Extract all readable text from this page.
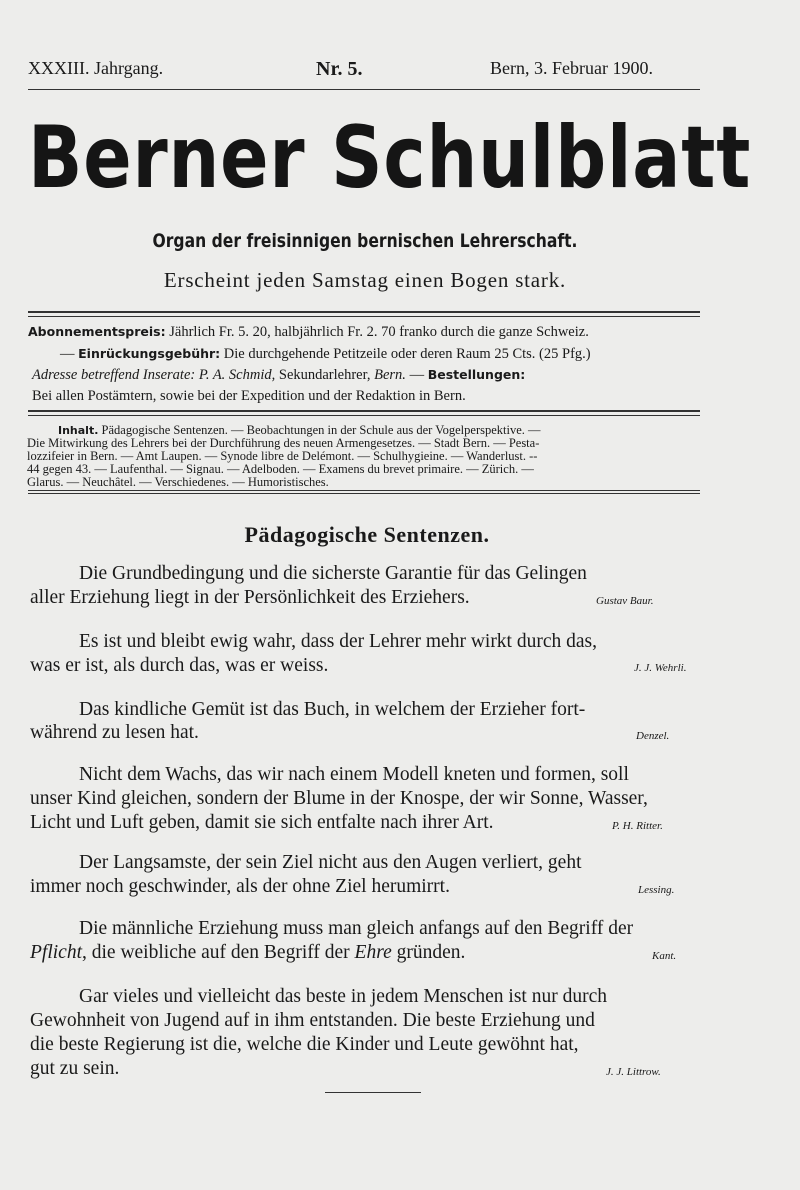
XXXIII. Jahrgang.	Nr. 5.	Bern, 3. Februar 1900.
Berner Schulblatt
Organ der freisinnigen bernischen Lehrerschaft.
Erscheint jeden Samstag einen Bogen stark.
Abonnementspreis: Jährlich Fr. 5. 20, halbjährlich Fr. 2. 70 franko durch die ganze Schweiz.
— Einrückungsgebühr: Die durchgehende Petitzeile oder deren Raum 25 Cts. (25 Pfg.)
Adresse betreffend Inserate: P. A. Schmid, Sekundarlehrer, Bern. — Bestellungen:
Bei allen Postämtern, sowie bei der Expedition und der Redaktion in Bern.
Inhalt. Pädagogische Sentenzen. — Beobachtungen in der Schule aus der Vogelperspektive. —
Die Mitwirkung des Lehrers bei der Durchführung des neuen Armengesetzes. — Stadt Bern. — Pesta-
lozzifeier in Bern. — Amt Laupen. — Synode libre de Delémont. — Schulhygieine. — Wanderlust. --
44 gegen 43. — Laufenthal. — Signau. — Adelboden. — Examens du brevet primaire. — Zürich. —
Glarus. — Neuchâtel. — Verschiedenes. — Humoristisches.
Pädagogische Sentenzen.
Die Grundbedingung und die sicherste Garantie für das Gelingen
aller Erziehung liegt in der Persönlichkeit des Erziehers.	Gustav Baur.
Es ist und bleibt ewig wahr, dass der Lehrer mehr wirkt durch das,
was er ist, als durch das, was er weiss.	J. J. Wehrli.
Das kindliche Gemüt ist das Buch, in welchem der Erzieher fort-
während zu lesen hat.	Denzel.
Nicht dem Wachs, das wir nach einem Modell kneten und formen, soll
unser Kind gleichen, sondern der Blume in der Knospe, der wir Sonne, Wasser,
Licht und Luft geben, damit sie sich entfalte nach ihrer Art.	P. H. Ritter.
Der Langsamste, der sein Ziel nicht aus den Augen verliert, geht
immer noch geschwinder, als der ohne Ziel herumirrt.	Lessing.
Die männliche Erziehung muss man gleich anfangs auf den Begriff der
Pflicht, die weibliche auf den Begriff der Ehre gründen.	Kant.
Gar vieles und vielleicht das beste in jedem Menschen ist nur durch
Gewohnheit von Jugend auf in ihm entstanden. Die beste Erziehung und
die beste Regierung ist die, welche die Kinder und Leute gewöhnt hat,
gut zu sein.	J. J. Littrow.
